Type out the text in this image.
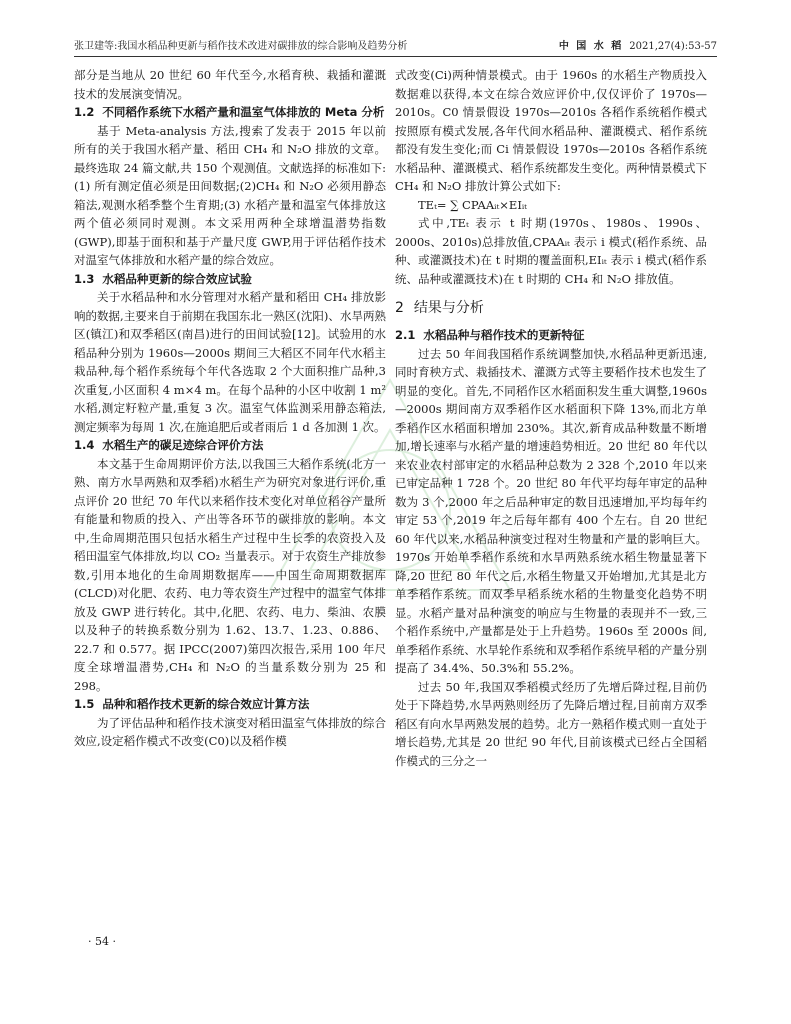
张卫建等:我国水稻品种更新与稻作技术改进对碳排放的综合影响及趋势分析	中 国 水 稻 2021,27(4):53-57

部分是当地从 20 世纪 60 年代至今,水稻育秧、栽插和灌溉技术的发展演变情况。

1.2 不同稻作系统下水稻产量和温室气体排放的 Meta 分析

基于 Meta-analysis 方法,搜索了发表于 2015 年以前所有的关于我国水稻产量、稻田 CH₄ 和 N₂O 排放的文章。最终选取 24 篇文献,共 150 个观测值。文献选择的标准如下:(1) 所有测定值必须是田间数据;(2)CH₄ 和 N₂O 必须用静态箱法,观测水稻季整个生育期;(3) 水稻产量和温室气体排放这两个值必须同时观测。本文采用两种全球增温潜势指数(GWP),即基于面积和基于产量尺度 GWP,用于评估稻作技术对温室气体排放和水稻产量的综合效应。

1.3 水稻品种更新的综合效应试验

关于水稻品种和水分管理对水稻产量和稻田 CH₄ 排放影响的数据,主要来自于前期在我国东北一熟区(沈阳)、水旱两熟区(镇江)和双季稻区(南昌)进行的田间试验[12]。试验用的水稻品种分别为 1960s—2000s 期间三大稻区不同年代水稻主栽品种,每个稻作系统每个年代各选取 2 个大面积推广品种,3 次重复,小区面积 4 m×4 m。在每个品种的小区中收割 1 m² 水稻,测定籽粒产量,重复 3 次。温室气体监测采用静态箱法,测定频率为每周 1 次,在施追肥后或者雨后 1 d 各加测 1 次。

1.4 水稻生产的碳足迹综合评价方法

本文基于生命周期评价方法,以我国三大稻作系统(北方一熟、南方水旱两熟和双季稻)水稻生产为研究对象进行评价,重点评价 20 世纪 70 年代以来稻作技术变化对单位稻谷产量所有能量和物质的投入、产出等各环节的碳排放的影响。本文中,生命周期范围只包括水稻生产过程中生长季的农资投入及稻田温室气体排放,均以 CO₂ 当量表示。对于农资生产排放参数,引用本地化的生命周期数据库——中国生命周期数据库(CLCD)对化肥、农药、电力等农资生产过程中的温室气体排放及 GWP 进行转化。其中,化肥、农药、电力、柴油、农膜以及种子的转换系数分别为 1.62、13.7、1.23、0.886、22.7 和 0.577。据 IPCC(2007)第四次报告,采用 100 年尺度全球增温潜势,CH₄ 和 N₂O 的当量系数分别为 25 和 298。

1.5 品种和稻作技术更新的综合效应计算方法

为了评估品种和稻作技术演变对稻田温室气体排放的综合效应,设定稻作模式不改变(C0)以及稻作模

式改变(Ci)两种情景模式。由于 1960s 的水稻生产物质投入数据难以获得,本文在综合效应评价中,仅仅评价了 1970s—2010s。C0 情景假设 1970s—2010s 各稻作系统稻作模式按照原有模式发展,各年代间水稻品种、灌溉模式、稻作系统都没有发生变化;而 Ci 情景假设 1970s—2010s 各稻作系统水稻品种、灌溉模式、稻作系统都发生变化。两种情景模式下 CH₄ 和 N₂O 排放计算公式如下:

TEₜ= ∑ CPAAᵢₜ×EIᵢₜ

式中,TEₜ 表示 t 时期(1970s、1980s、1990s、2000s、2010s)总排放值,CPAAᵢₜ 表示 i 模式(稻作系统、品种、或灌溉技术)在 t 时期的覆盖面积,EIᵢₜ 表示 i 模式(稻作系统、品种或灌溉技术)在 t 时期的 CH₄ 和 N₂O 排放值。

2 结果与分析
2.1 水稻品种与稻作技术的更新特征

过去 50 年间我国稻作系统调整加快,水稻品种更新迅速,同时育秧方式、栽插技术、灌溉方式等主要稻作技术也发生了明显的变化。首先,不同稻作区水稻面积发生重大调整,1960s—2000s 期间南方双季稻作区水稻面积下降 13%,而北方单季稻作区水稻面积增加 230%。其次,新育成品种数量不断增加,增长速率与水稻产量的增速趋势相近。20 世纪 80 年代以来农业农村部审定的水稻品种总数为 2 328 个,2010 年以来已审定品种 1 728 个。20 世纪 80 年代平均每年审定的品种数为 3 个,2000 年之后品种审定的数目迅速增加,平均每年约审定 53 个,2019 年之后每年都有 400 个左右。自 20 世纪 60 年代以来,水稻品种演变过程对生物量和产量的影响巨大。1970s 开始单季稻作系统和水旱两熟系统水稻生物量显著下降,20 世纪 80 年代之后,水稻生物量又开始增加,尤其是北方单季稻作系统。而双季早稻系统水稻的生物量变化趋势不明显。水稻产量对品种演变的响应与生物量的表现并不一致,三个稻作系统中,产量都是处于上升趋势。1960s 至 2000s 间,单季稻作系统、水旱轮作系统和双季稻作系统早稻的产量分别提高了 34.4%、50.3%和 55.2%。

过去 50 年,我国双季稻模式经历了先增后降过程,目前仍处于下降趋势,水旱两熟则经历了先降后增过程,目前南方双季稻区有向水旱两熟发展的趋势。北方一熟稻作模式则一直处于增长趋势,尤其是 20 世纪 90 年代,目前该模式已经占全国稻作模式的三分之一

· 54 ·
